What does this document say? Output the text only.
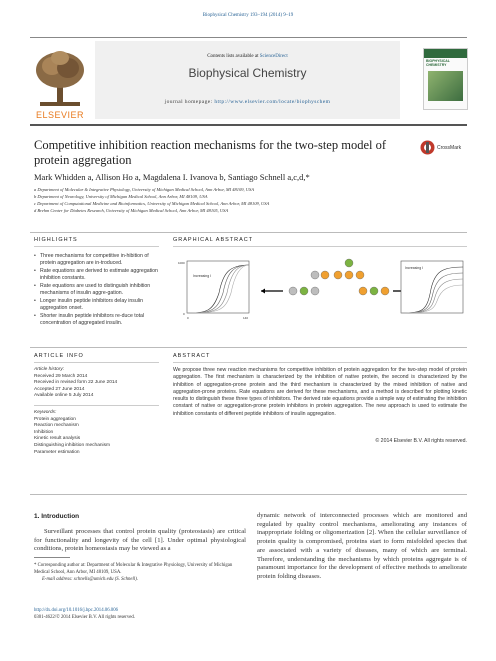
Biophysical Chemistry 193–194 (2014) 9–19
Contents lists available at ScienceDirect
Biophysical Chemistry
journal homepage: http://www.elsevier.com/locate/biophyschem
ELSEVIER
BIOPHYSICAL CHEMISTRY
Competitive inhibition reaction mechanisms for the two-step model of protein aggregation
CrossMark
Mark Whidden a, Allison Ho a, Magdalena I. Ivanova b, Santiago Schnell a,c,d,*
a Department of Molecular & Integrative Physiology, University of Michigan Medical School, Ann Arbor, MI 48109, USA
b Department of Neurology, University of Michigan Medical School, Ann Arbor, MI 48109, USA
c Department of Computational Medicine and Bioinformatics, University of Michigan Medical School, Ann Arbor, MI 48109, USA
d Brehm Center for Diabetes Research, University of Michigan Medical School, Ann Arbor, MI 48105, USA
HIGHLIGHTS	GRAPHICAL ABSTRACT
• Three mechanisms for competitive in-hibition of protein aggregation are in-troduced.
• Rate equations are derived to estimate aggregation inhibition constants.
• Rate equations are used to distinguish inhibition mechanisms of insulin aggre-gation.
• Longer insulin peptide inhibitors delay insulin aggregation onset.
• Shorter insulin peptide inhibitors re-duce total concentration of aggregated insulin.
Increasing I
1000
0
0	140
Increasing I
ARTICLE INFO	ABSTRACT
Article history:
Received 29 March 2014
Received in revised form 22 June 2014
Accepted 27 June 2014
Available online 5 July 2014
Keywords:
Protein aggregation
Reaction mechanism
Inhibition
Kinetic result analysis
Distinguishing inhibition mechanism
Parameter estimation
We propose three new reaction mechanisms for competitive inhibition of protein aggregation for the two-step model of protein aggregation. The first mechanism is characterized by the inhibition of native protein, the second is characterized by the inhibition of aggregation-prone protein and the third mechanism is characterized by the mixed inhibition of native and aggregation-prone proteins. Rate equations are derived for these mechanisms, and a method is described for plotting kinetic results to distinguish these three types of inhibitors. The derived rate equations provide a simple way of estimating the inhibition constant of native or aggregation-prone protein inhibitors in protein aggregation. The new approach is used to estimate the inhibition constants of different peptide inhibitors of insulin aggregation.
© 2014 Elsevier B.V. All rights reserved.
1. Introduction
Surveillant processes that control protein quality (proteostasis) are critical for functionality and longevity of the cell [1]. Under optimal physiological conditions, protein homeostasis may be viewed as a
dynamic network of interconnected processes which are monitored and regulated by quality control mechanisms, ameliorating any instances of inappropriate folding or oligomerization [2]. When the cellular surveillance of protein quality is compromised, proteins start to form misfolded species that are associated with a variety of diseases, many of which are terminal. Therefore, understanding the mechanisms by which proteins aggregate is of paramount importance for the development of effective methods to ameliorate protein folding diseases.
* Corresponding author at: Department of Molecular & Integrative Physiology, University of Michigan Medical School, Ann Arbor, MI 48109, USA.
E-mail address: schnells@umich.edu (S. Schnell).
http://dx.doi.org/10.1016/j.bpc.2014.06.006
0301-4622/© 2014 Elsevier B.V. All rights reserved.
